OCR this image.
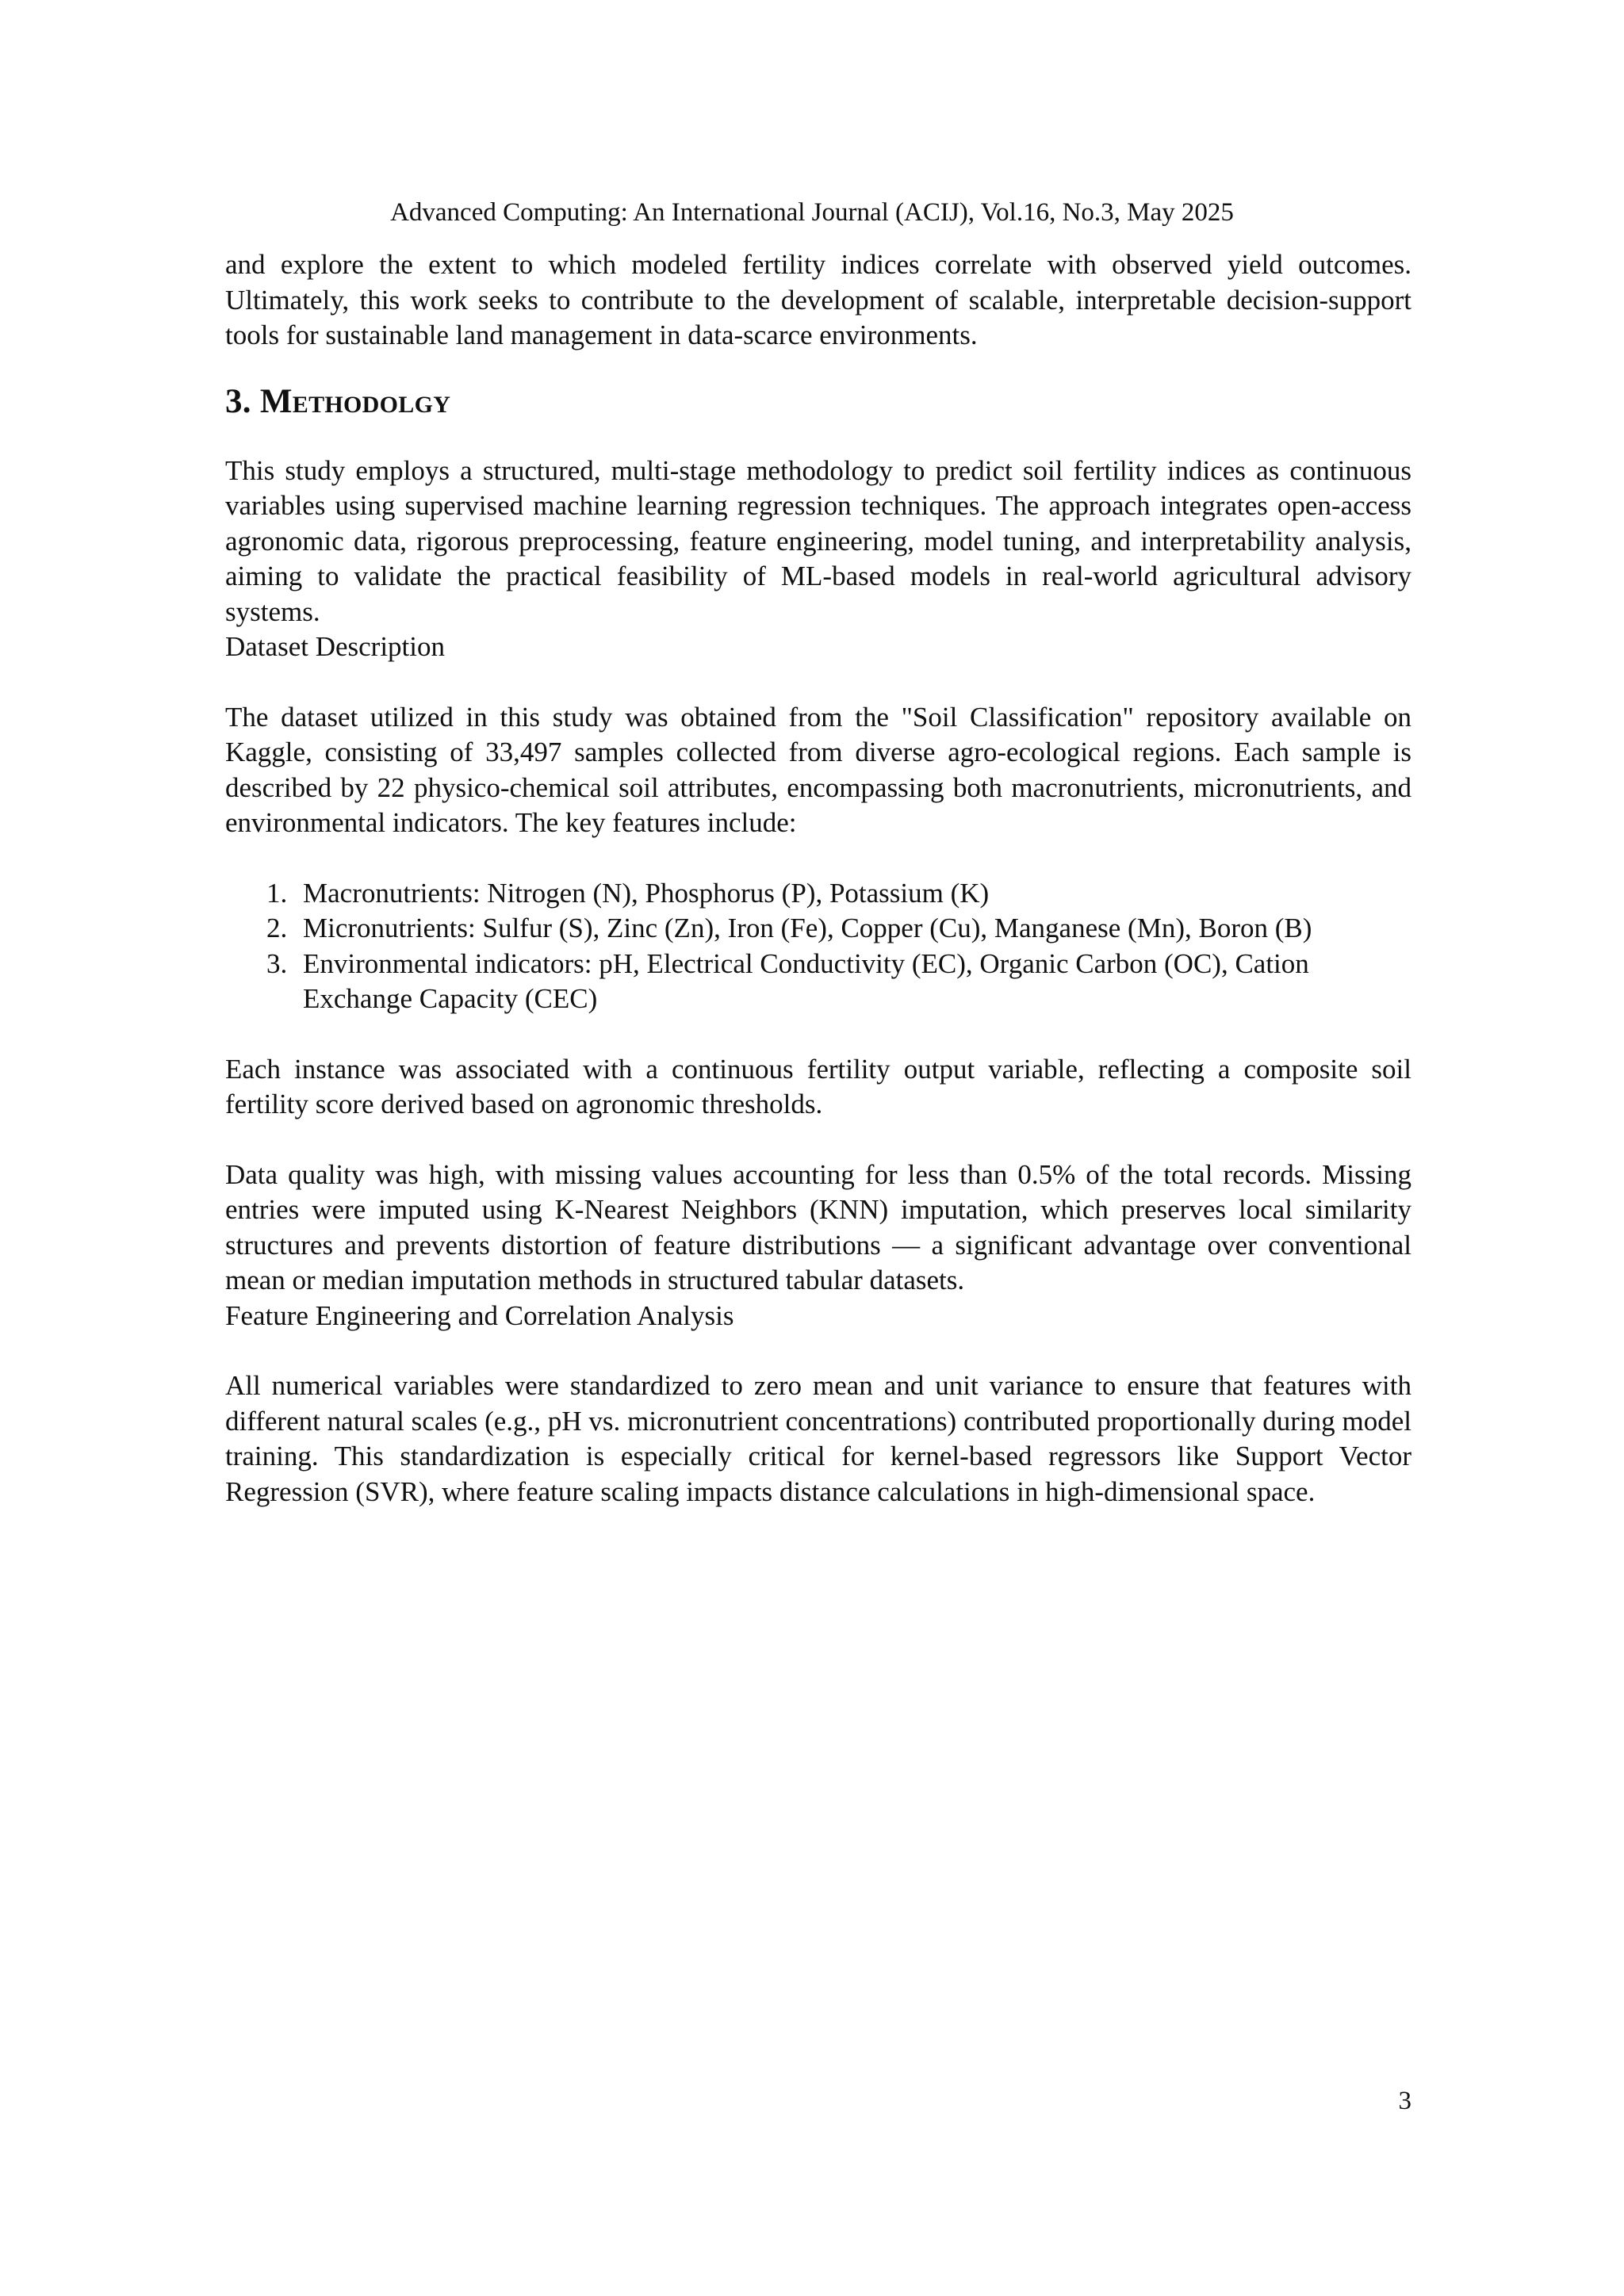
Advanced Computing: An International Journal (ACIJ), Vol.16, No.3, May 2025

and explore the extent to which modeled fertility indices correlate with observed yield outcomes. Ultimately, this work seeks to contribute to the development of scalable, interpretable decision-support tools for sustainable land management in data-scarce environments.

3. Methodolgy

This study employs a structured, multi-stage methodology to predict soil fertility indices as continuous variables using supervised machine learning regression techniques. The approach integrates open-access agronomic data, rigorous preprocessing, feature engineering, model tuning, and interpretability analysis, aiming to validate the practical feasibility of ML-based models in real-world agricultural advisory systems.

Dataset Description

The dataset utilized in this study was obtained from the "Soil Classification" repository available on Kaggle, consisting of 33,497 samples collected from diverse agro-ecological regions. Each sample is described by 22 physico-chemical soil attributes, encompassing both macronutrients, micronutrients, and environmental indicators. The key features include:

1. Macronutrients: Nitrogen (N), Phosphorus (P), Potassium (K)
2. Micronutrients: Sulfur (S), Zinc (Zn), Iron (Fe), Copper (Cu), Manganese (Mn), Boron (B)
3. Environmental indicators: pH, Electrical Conductivity (EC), Organic Carbon (OC), Cation Exchange Capacity (CEC)

Each instance was associated with a continuous fertility output variable, reflecting a composite soil fertility score derived based on agronomic thresholds.

Data quality was high, with missing values accounting for less than 0.5% of the total records. Missing entries were imputed using K-Nearest Neighbors (KNN) imputation, which preserves local similarity structures and prevents distortion of feature distributions — a significant advantage over conventional mean or median imputation methods in structured tabular datasets.

Feature Engineering and Correlation Analysis

All numerical variables were standardized to zero mean and unit variance to ensure that features with different natural scales (e.g., pH vs. micronutrient concentrations) contributed proportionally during model training. This standardization is especially critical for kernel-based regressors like Support Vector Regression (SVR), where feature scaling impacts distance calculations in high-dimensional space.

3
